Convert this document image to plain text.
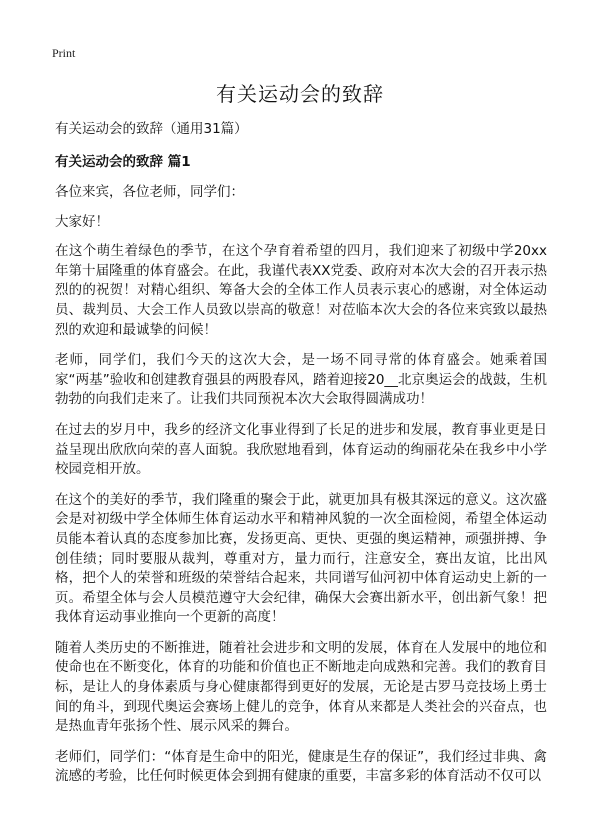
Print
有关运动会的致辞
有关运动会的致辞（通用31篇）
有关运动会的致辞 篇1

各位来宾，各位老师，同学们：

大家好！

在这个萌生着绿色的季节，在这个孕育着希望的四月，我们迎来了初级中学20xx年第十届隆重的体育盛会。在此，我谨代表XX党委、政府对本次大会的召开表示热烈的的祝贺！对精心组织、筹备大会的全体工作人员表示衷心的感谢，对全体运动员、裁判员、大会工作人员致以崇高的敬意！对莅临本次大会的各位来宾致以最热烈的欢迎和最诚挚的问候！

老师，同学们，我们今天的这次大会，是一场不同寻常的体育盛会。她乘着国家“两基”验收和创建教育强县的两股春风，踏着迎接20__北京奥运会的战鼓，生机勃勃的向我们走来了。让我们共同预祝本次大会取得圆满成功！

在过去的岁月中，我乡的经济文化事业得到了长足的进步和发展，教育事业更是日益呈现出欣欣向荣的喜人面貌。我欣慰地看到，体育运动的绚丽花朵在我乡中小学校园竞相开放。

在这个的美好的季节，我们隆重的聚会于此，就更加具有极其深远的意义。这次盛会是对初级中学全体师生体育运动水平和精神风貌的一次全面检阅，希望全体运动员能本着认真的态度参加比赛，发扬更高、更快、更强的奥运精神，顽强拼搏、争创佳绩；同时要服从裁判，尊重对方，量力而行，注意安全，赛出友谊，比出风格，把个人的荣誉和班级的荣誉结合起来，共同谱写仙河初中体育运动史上新的一页。希望全体与会人员模范遵守大会纪律，确保大会赛出新水平，创出新气象！把我体育运动事业推向一个更新的高度！

随着人类历史的不断推进，随着社会进步和文明的发展，体育在人发展中的地位和使命也在不断变化，体育的功能和价值也正不断地走向成熟和完善。我们的教育目标，是让人的身体素质与身心健康都得到更好的发展，无论是古罗马竞技场上勇士间的角斗，到现代奥运会赛场上健儿的竞争，体育从来都是人类社会的兴奋点，也是热血青年张扬个性、展示风采的舞台。

老师们，同学们：“体育是生命中的阳光，健康是生存的保证”，我们经过非典、禽流感的考验，比任何时候更体会到拥有健康的重要，丰富多彩的体育活动不仅可以
